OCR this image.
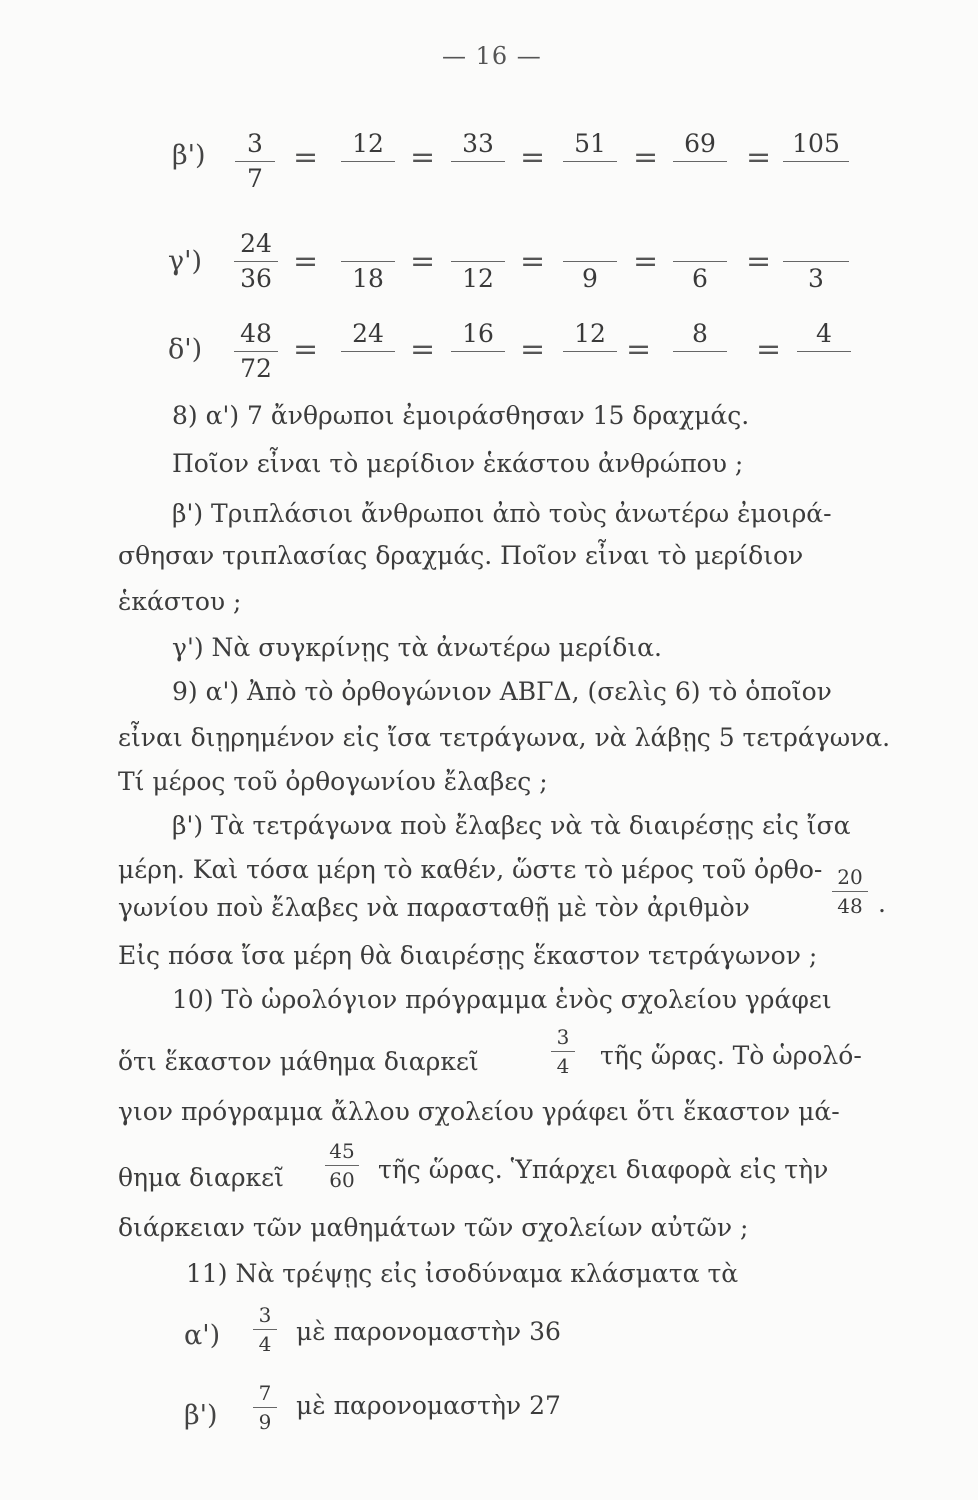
— 16 —
β') 3
7
= 12 = 33 = 51 = 69 = 105
γ')
24
36 = 18 = 12 = 9 = 6 = 3
δ')
48
72
= 24 = 16 = 12 = 8 = 4
8) α') 7 ἄνθρωποι ἐμοιράσθησαν 15 δραχμάς.
Ποῖον εἶναι τὸ μερίδιον ἑκάστου ἀνθρώπου ;
β') Τριπλάσιοι ἄνθρωποι ἀπὸ τοὺς ἀνωτέρω ἐμοιρά-
σθησαν τριπλασίας δραχμάς. Ποῖον εἶναι τὸ μερίδιον
ἑκάστου ;
γ') Νὰ συγκρίνῃς τὰ ἀνωτέρω μερίδια.
9) α') Ἀπὸ τὸ ὀρθογώνιον ΑΒΓΔ, (σελὶς 6) τὸ ὁποῖον
εἶναι διῃρημένον εἰς ἴσα τετράγωνα, νὰ λάβῃς 5 τετράγωνα.
Τί μέρος τοῦ ὀρθογωνίου ἔλαβες ;
β') Τὰ τετράγωνα ποὺ ἔλαβες νὰ τὰ διαιρέσῃς εἰς ἴσα
μέρη. Καὶ τόσα μέρη τὸ καθέν, ὥστε τὸ μέρος τοῦ ὀρθο-
γωνίου ποὺ ἔλαβες νὰ παρασταθῇ μὲ τὸν ἀριθμὸν
20
48 .
Εἰς πόσα ἴσα μέρη θὰ διαιρέσῃς ἕκαστον τετράγωνον ;
10) Τὸ ὡρολόγιον πρόγραμμα ἑνὸς σχολείου γράφει
ὅτι ἕκαστον μάθημα διαρκεῖ
3
4 τῆς ὥρας. Τὸ ὡρολό-
γιον πρόγραμμα ἄλλου σχολείου γράφει ὅτι ἕκαστον μά-
θημα διαρκεῖ
45
60 τῆς ὥρας. Ὑπάρχει διαφορὰ εἰς τὴν
διάρκειαν τῶν μαθημάτων τῶν σχολείων αὐτῶν ;
11) Νὰ τρέψῃς εἰς ἰσοδύναμα κλάσματα τὰ
α')
3
4 μὲ παρονομαστὴν 36
β')
7
9
μὲ παρονομαστὴν 27
